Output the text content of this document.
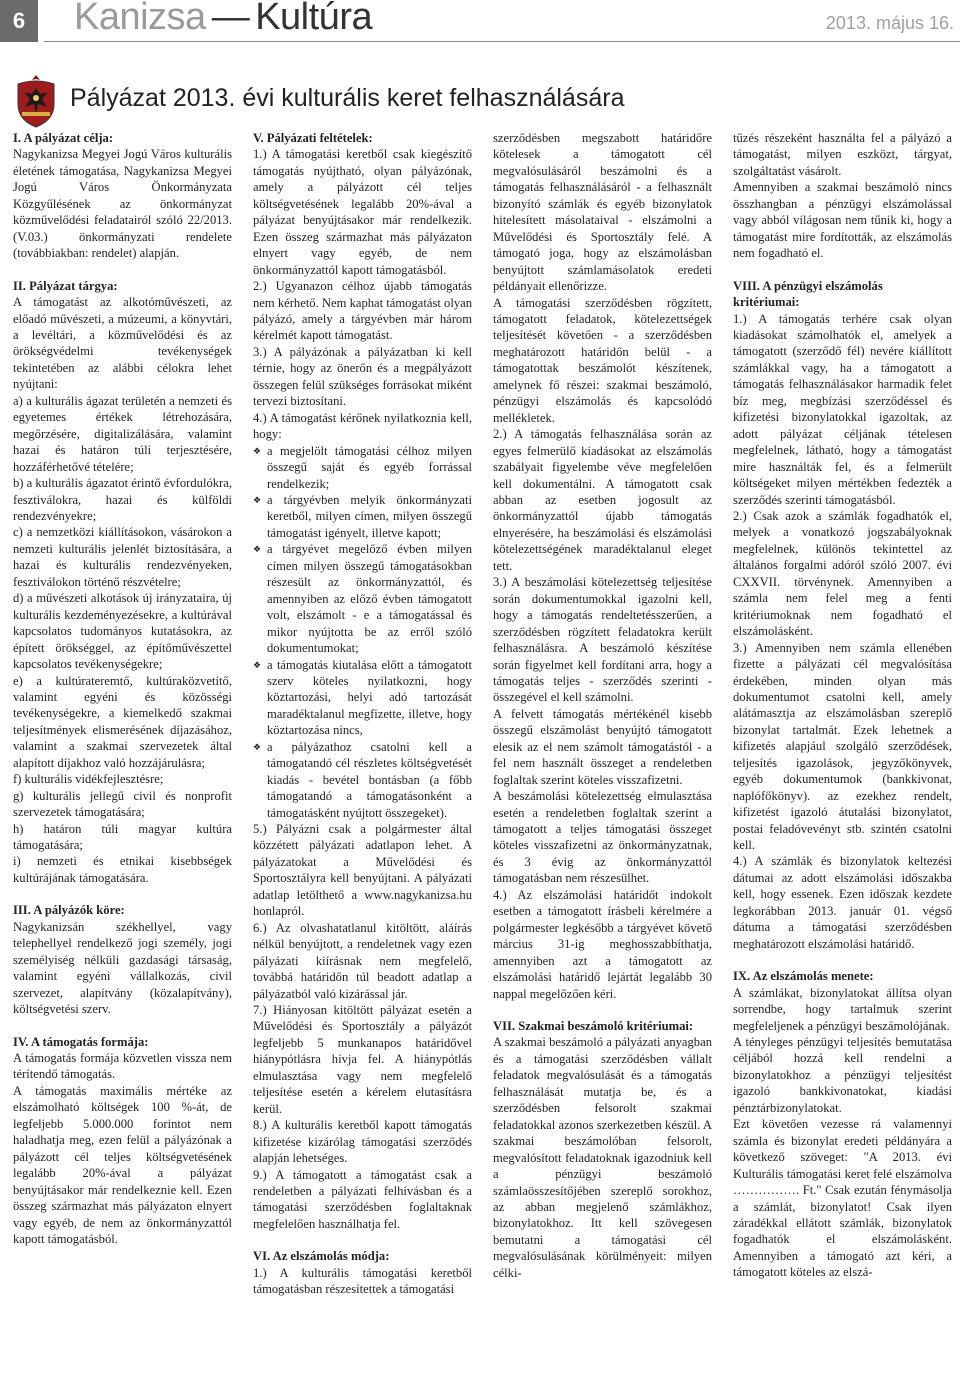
6	Kanizsa — Kultúra	2013. május 16.
Pályázat 2013. évi kulturális keret felhasználására
I. A pályázat célja:

Nagykanizsa Megyei Jogú Város kulturális életének támogatása, Nagykanizsa Megyei Jogú Város Önkormányzata Közgyűlésének az önkormányzat közművelődési feladatairól szóló 22/2013. (V.03.) önkormányzati rendelete (továbbiakban: rendelet) alapján.

II. Pályázat tárgya:

A támogatást az alkotóművészeti, az előadó művészeti, a múzeumi, a könyvtári, a levéltári, a közművelődési és az örökségvédelmi tevékenységek tekintetében az alábbi célokra lehet nyújtani:

a) a kulturális ágazat területén a nemzeti és egyetemes értékek létrehozására, megőrzésére, digitalizálására, valamint hazai és határon túli terjesztésére, hozzáférhetővé tételére;

b) a kulturális ágazatot érintő évfordulókra, fesztiválokra, hazai és külföldi rendezvényekre;

c) a nemzetközi kiállításokon, vásárokon a nemzeti kulturális jelenlét biztosítására, a hazai és kulturális rendezvényeken, fesztiválokon történő részvételre;

d) a művészeti alkotások új irányzataira, új kulturális kezdeményezésekre, a kultúrával kapcsolatos tudományos kutatásokra, az épített örökséggel, az építőművészettel kapcsolatos tevékenységekre;

e) a kultúrateremtő, kultúraközvetítő, valamint egyéni és közösségi tevékenységekre, a kiemelkedő szakmai teljesítmények elismerésének díjazásához, valamint a szakmai szervezetek által alapított díjakhoz való hozzájárulásra;

f) kulturális vidékfejlesztésre;

g) kulturális jellegű civil és nonprofit szervezetek támogatására;

h) határon túli magyar kultúra támogatására;

i) nemzeti és etnikai kisebbségek kultúrájának támogatására.

III. A pályázók köre:

Nagykanizsán székhellyel, vagy telephellyel rendelkező jogi személy, jogi személyiség nélküli gazdasági társaság, valamint egyéni vállalkozás, civil szervezet, alapítvány (közalapítvány), költségvetési szerv.

IV. A támogatás formája:

A támogatás formája közvetlen vissza nem térítendő támogatás.

A támogatás maximális mértéke az elszámolható költségek 100 %-át, de legfeljebb 5.000.000 forintot nem haladhatja meg, ezen felül a pályázónak a pályázott cél teljes költségvetésének legalább 20%-ával a pályázat benyújtásakor már rendelkeznie kell. Ezen összeg származhat más pályázaton elnyert vagy egyéb, de nem az önkormányzattól kapott támogatásból.

V. Pályázati feltételek:

1.) A támogatási keretből csak kiegészítő támogatás nyújtható, olyan pályázónak, amely a pályázott cél teljes költségvetésének legalább 20%-ával a pályázat benyújtásakor már rendelkezik. Ezen összeg származhat más pályázaton elnyert vagy egyéb, de nem önkormányzattól kapott támogatásból.

2.) Ugyanazon célhoz újabb támogatás nem kérhető. Nem kaphat támogatást olyan pályázó, amely a tárgyévben már három kérelmét kapott támogatást.

3.) A pályázónak a pályázatban ki kell térnie, hogy az önerőn és a megpályázott összegen felül szükséges forrásokat miként tervezi biztosítani.

4.) A támogatást kérőnek nyilatkoznia kell, hogy:

❖ a megjelölt támogatási célhoz milyen összegű saját és egyéb forrással rendelkezik;
❖ a tárgyévben melyik önkormányzati keretből, milyen címen, milyen összegű támogatást igényelt, illetve kapott;
❖ a tárgyévet megelőző évben milyen címen milyen összegű támogatásokban részesült az önkormányzattól, és amennyiben az előző évben támogatott volt, elszámolt - e a támogatással és mikor nyújtotta be az erről szóló dokumentumokat;
❖ a támogatás kiutalása előtt a támogatott szerv köteles nyilatkozni, hogy köztartozási, helyi adó tartozását maradéktalanul megfizette, illetve, hogy köztartozása nincs,
❖ a pályázathoz csatolni kell a támogatandó cél részletes költségvetését kiadás - bevétel bontásban (a főbb támogatandó a támogatásonként a támogatásként nyújtott összegeket).

5.) Pályázni csak a polgármester által közzétett pályázati adatlapon lehet. A pályázatokat a Művelődési és Sportosztályra kell benyújtani. A pályázati adatlap letölthető a www.nagykanizsa.hu honlapról.

6.) Az olvashatatlanul kitöltött, aláírás nélkül benyújtott, a rendeletnek vagy ezen pályázati kiírásnak nem megfelelő, továbbá határidőn túl beadott adatlap a pályázatból való kizárással jár.

7.) Hiányosan kitöltött pályázat esetén a Művelődési és Sportosztály a pályázót legfeljebb 5 munkanapos határidővel hiánypótlásra hívja fel. A hiánypótlás elmulasztása vagy nem megfelelő teljesítése esetén a kérelem elutasításra kerül.

8.) A kulturális keretből kapott támogatás kifizetése kizárólag támogatási szerződés alapján lehetséges.

9.) A támogatott a támogatást csak a rendeletben a pályázati felhívásban és a támogatási szerződésben foglaltaknak megfelelően használhatja fel.

VI. Az elszámolás módja:

1.) A kulturális támogatási keretből támogatásban részesítettek a támogatási

szerződésben megszabott határidőre kötelesek a támogatott cél megvalósulásáról beszámolni és a támogatás felhasználásáról - a felhasznált bizonyító számlák és egyéb bizonylatok hitelesített másolataival - elszámolni a Művelődési és Sportosztály felé. A támogató joga, hogy az elszámolásban benyújtott számlamásolatok eredeti példányait ellenőrizze.

A támogatási szerződésben rögzített, támogatott feladatok, kötelezettségek teljesítését követően - a szerződésben meghatározott határidőn belül - a támogatottak beszámolót készítenek, amelynek fő részei: szakmai beszámoló, pénzügyi elszámolás és kapcsolódó mellékletek.

2.) A támogatás felhasználása során az egyes felmerülő kiadásokat az elszámolás szabályait figyelembe véve megfelelően kell dokumentálni. A támogatott csak abban az esetben jogosult az önkormányzattól újabb támogatás elnyerésére, ha beszámolási és elszámolási kötelezettségének maradéktalanul eleget tett.

3.) A beszámolási kötelezettség teljesítése során dokumentumokkal igazolni kell, hogy a támogatás rendeltetésszerűen, a szerződésben rögzített feladatokra került felhasználásra. A beszámoló készítése során figyelmet kell fordítani arra, hogy a támogatás teljes - szerződés szerinti - összegével el kell számolni.

A felvett támogatás mértékénél kisebb összegű elszámolást benyújtó támogatott elesik az el nem számolt támogatástól - a fel nem használt összeget a rendeletben foglaltak szerint köteles visszafizetni.

A beszámolási kötelezettség elmulasztása esetén a rendeletben foglaltak szerint a támogatott a teljes támogatási összeget köteles visszafizetni az önkormányzatnak, és 3 évig az önkormányzattól támogatásban nem részesülhet.

4.) Az elszámolási határidőt indokolt esetben a támogatott írásbeli kérelmére a polgármester legkésőbb a tárgyévet követő március 31-ig meghosszabbíthatja, amennyiben azt a támogatott az elszámolási határidő lejártát legalább 30 nappal megelőzően kéri.

VII. Szakmai beszámoló kritériumai:

A szakmai beszámoló a pályázati anyagban és a támogatási szerződésben vállalt feladatok megvalósulását és a támogatás felhasználását mutatja be, és a szerződésben felsorolt szakmai feladatokkal azonos szerkezetben készül. A szakmai beszámolóban felsorolt, megvalósított feladatoknak igazodniuk kell a pénzügyi beszámoló számlaösszesítőjében szereplő sorokhoz, az abban megjelenő számlákhoz, bizonylatokhoz. Itt kell szövegesen bemutatni a támogatási cél megvalósulásának körülményeit: milyen célki-

tűzés részeként használta fel a pályázó a támogatást, milyen eszközt, tárgyat, szolgáltatást vásárolt.

Amennyiben a szakmai beszámoló nincs összhangban a pénzügyi elszámolással vagy abból világosan nem tűnik ki, hogy a támogatást mire fordították, az elszámolás nem fogadható el.

VIII. A pénzügyi elszámolás kritériumai:

1.) A támogatás terhére csak olyan kiadásokat számolhatók el, amelyek a támogatott (szerződő fél) nevére kiállított számlákkal vagy, ha a támogatott a támogatás felhasználásakor harmadik felet bíz meg, megbízási szerződéssel és kifizetési bizonylatokkal igazoltak, az adott pályázat céljának tételesen megfelelnek, látható, hogy a támogatást mire használták fel, és a felmerült költségeket milyen mértékben fedezték a szerződés szerinti támogatásból.

2.) Csak azok a számlák fogadhatók el, melyek a vonatkozó jogszabályoknak megfelelnek, különös tekintettel az általános forgalmi adóról szóló 2007. évi CXXVII. törvénynek. Amennyiben a számla nem felel meg a fenti kritériumoknak nem fogadható el elszámolásként.

3.) Amennyiben nem számla ellenében fizette a pályázati cél megvalósítása érdekében, minden olyan más dokumentumot csatolni kell, amely alátámasztja az elszámolásban szereplő bizonylat tartalmát. Ezek lehetnek a kifizetés alapjául szolgáló szerződések, teljesítés igazolások, jegyzőkönyvek, egyéb dokumentumok (bankkivonat, naplófőkönyv). az ezekhez rendelt, kifizetést igazoló átutalási bizonylatot, postai feladóvevényt stb. szintén csatolni kell.

4.) A számlák és bizonylatok keltezési dátumai az adott elszámolási időszakba kell, hogy essenek. Ezen időszak kezdete legkorábban 2013. január 01. végső dátuma a támogatási szerződésben meghatározott elszámolási határidő.

IX. Az elszámolás menete:

A számlákat, bizonylatokat állítsa olyan sorrendbe, hogy tartalmuk szerint megfeleljenek a pénzügyi beszámolójának.

A tényleges pénzügyi teljesítés bemutatása céljából hozzá kell rendelni a bizonylatokhoz a pénzügyi teljesítést igazoló bankkivonatokat, kiadási pénztárbizonylatokat.

Ezt követően vezesse rá valamennyi számla és bizonylat eredeti példányára a következő szöveget: "A 2013. évi Kulturális támogatási keret felé elszámolva ……………. Ft." Csak ezután fénymásolja a számlát, bizonylatot! Csak ilyen záradékkal ellátott számlák, bizonylatok fogadhatók el elszámolásként. Amennyiben a támogató azt kéri, a támogatott köteles az elszá-
